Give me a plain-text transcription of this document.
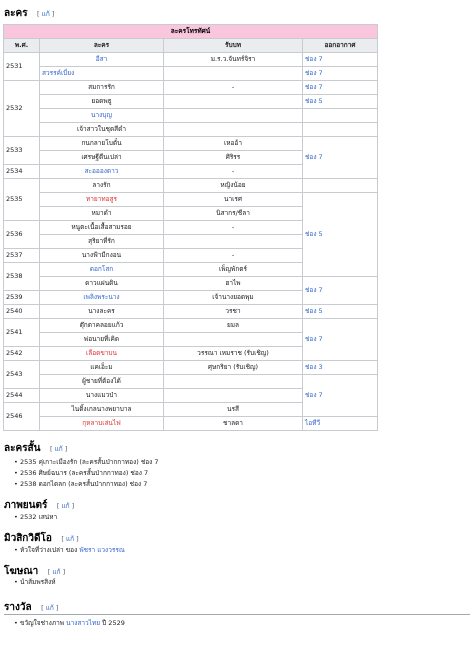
ละคร [ แก้ ]
ละครโทรทัศน์			
พ.ศ.	ละคร	รับบท	ออกอากาศ
2531	อีสา	ม.ร.ว.จันทร์จิรา	ช่อง 7
	สวรรค์เบี่ยง		ช่อง 7
2532	สมการรัก	-	ช่อง 7
	ยอดพธู		ช่อง 5
	นางบุญ		
	เจ้าสาวในชุดสีดำ		
2533	กนกลายโบตั๋น	เหออ้า	ช่อง 7
	เศรษฐีตีนเปล่า	ศิริรร	
2534	สะออองดาว	-	
2535	ลางรัก	หญิงน้อย	
	ทายาทอสูร	นาเรศ	ช่อง 5
	หมาดำ	นิสากร/ชีลา	
2536	หนูตะเนื้อเสื้อสามรอย	-	
	สุริยาที่รัก		
2537	นางฟ้ามีกงอน	-	
2538	ดอกโสก	เพ็ญพักตร์	
	ดาวแผ่นดิน	ฮาไพ	ช่อง 7
2539	เพลิงพระนาง	เจ้านางยอดพุม	
2540	นางละคร	วรชา	ช่อง 5
2541	ตุ๊กตาคลอยแก้ว	ยมล	ช่อง 7
	พ่อนายที่เคิด		
2542	เลือดขาบน	วรรณา เหมราช (รับเชิญ)	
2543	แคเอ็ะม	ศุษกริยา (รับเชิญ)	ช่อง 3
	ผู้ชายที่ต้องได้		ช่อง 7
2544	นางแมวป่า		
2546	ไนติ้งเกลนางพยาบาล	นรสี	
	กุหลาบเล่นไฟ	ชาลดา	ไอทีวี
ละครสั้น [ แก้ ]
• 2535 คุ่เกาะเมืองรัก (ละครสั้นป่ากกาทอง) ช่อง 7
• 2536 ศิษย์ฉนาร (ละครสั้นป่ากกาทอง) ช่อง 7
• 2538 ดอกไดลก (ละครสั้นป่ากกาทอง) ช่อง 7
ภาพยนตร์ [ แก้ ]
• 2532 เสน่หา
มิวสิกวิดีโอ [ แก้ ]
• หัวใจที่ว่างเปล่า ของ พัชรา แวงวรรณ
โฆษณา [ แก้ ]
• นำส้มพรสิงห์
รางวัล [ แก้ ]
• ขวัญใจช่างภาพ นางสาวไทย ปี 2529
